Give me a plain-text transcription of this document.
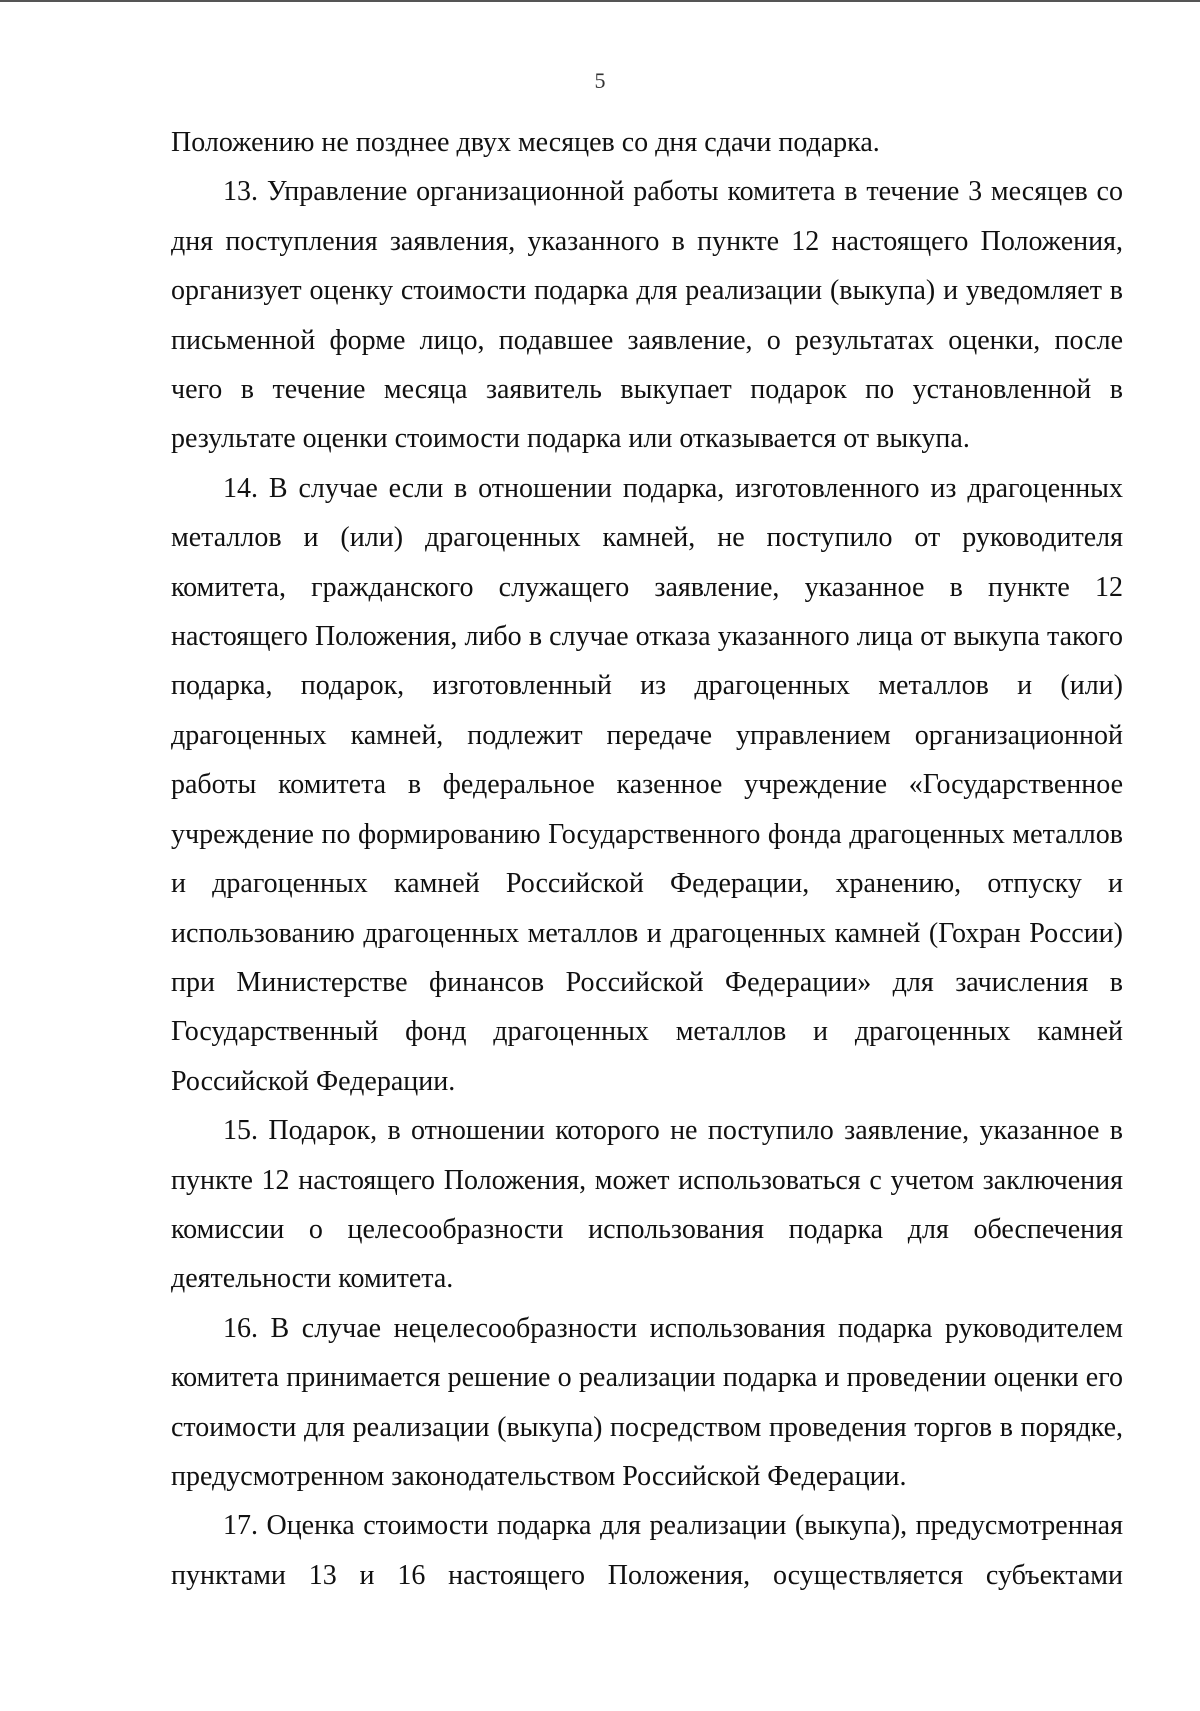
5

Положению не позднее двух месяцев со дня сдачи подарка.

13. Управление организационной работы комитета в течение 3 месяцев со дня поступления заявления, указанного в пункте 12 настоящего Положения, организует оценку стоимости подарка для реализации (выкупа) и уведомляет в письменной форме лицо, подавшее заявление, о результатах оценки, после чего в течение месяца заявитель выкупает подарок по установленной в результате оценки стоимости подарка или отказывается от выкупа.

14. В случае если в отношении подарка, изготовленного из драгоценных металлов и (или) драгоценных камней, не поступило от руководителя комитета, гражданского служащего заявление, указанное в пункте 12 настоящего Положения, либо в случае отказа указанного лица от выкупа такого подарка, подарок, изготовленный из драгоценных металлов и (или) драгоценных камней, подлежит передаче управлением организационной работы комитета в федеральное казенное учреждение «Государственное учреждение по формированию Государственного фонда драгоценных металлов и драгоценных камней Российской Федерации, хранению, отпуску и использованию драгоценных металлов и драгоценных камней (Гохран России) при Министерстве финансов Российской Федерации» для зачисления в Государственный фонд драгоценных металлов и драгоценных камней Российской Федерации.

15. Подарок, в отношении которого не поступило заявление, указанное в пункте 12 настоящего Положения, может использоваться с учетом заключения комиссии о целесообразности использования подарка для обеспечения деятельности комитета.

16. В случае нецелесообразности использования подарка руководителем комитета принимается решение о реализации подарка и проведении оценки его стоимости для реализации (выкупа) посредством проведения торгов в порядке, предусмотренном законодательством Российской Федерации.

17. Оценка стоимости подарка для реализации (выкупа), предусмотренная пунктами 13 и 16 настоящего Положения, осуществляется субъектами
